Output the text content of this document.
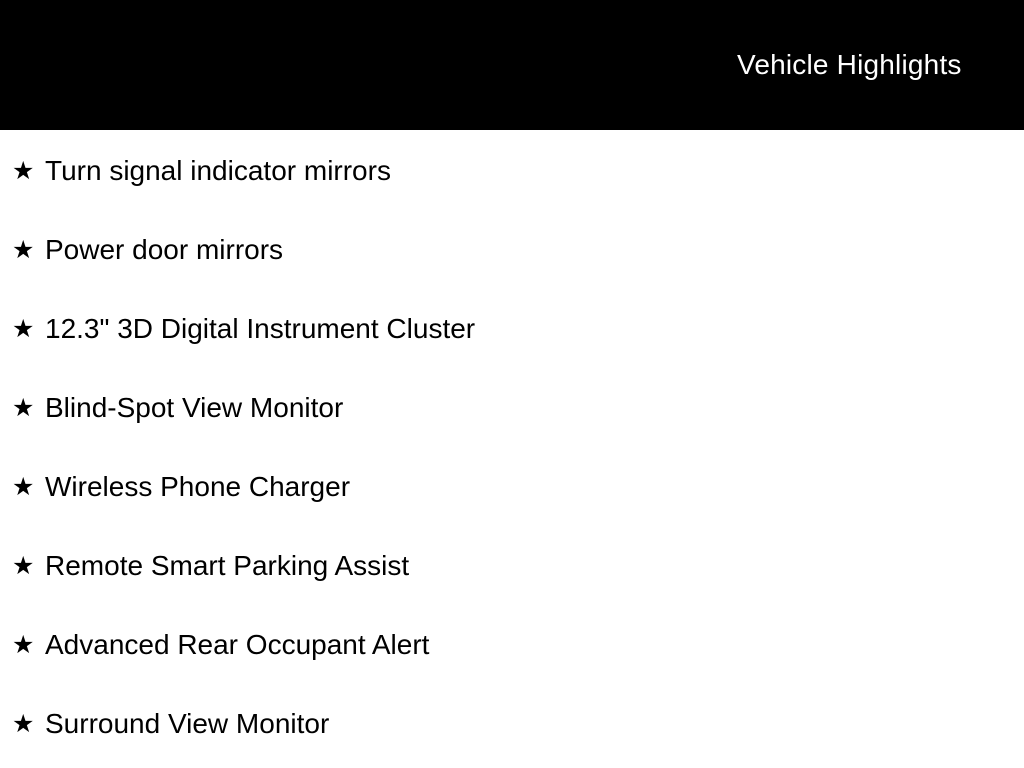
Vehicle Highlights
★ Turn signal indicator mirrors
★ Power door mirrors
★ 12.3" 3D Digital Instrument Cluster
★ Blind-Spot View Monitor
★ Wireless Phone Charger
★ Remote Smart Parking Assist
★ Advanced Rear Occupant Alert
★ Surround View Monitor
